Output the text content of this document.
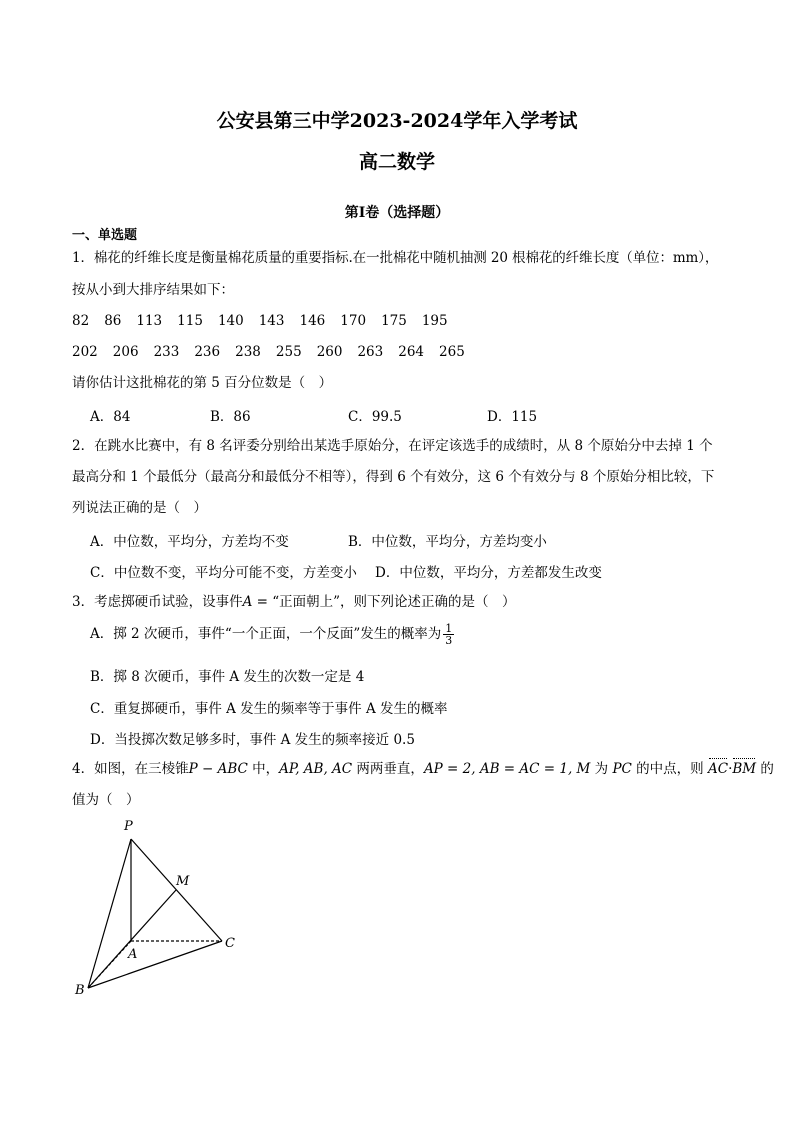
公安县第三中学2023-2024学年入学考试
高二数学
第Ⅰ卷（选择题）
一、单选题
1．棉花的纤维长度是衡量棉花质量的重要指标.在一批棉花中随机抽测 20 根棉花的纤维长度（单位：mm），
按从小到大排序结果如下：
82 86 113 115 140 143 146 170 175 195
202 206 233 236 238 255 260 263 264 265
请你估计这批棉花的第 5 百分位数是（　）
A．84	B．86	C．99.5	D．115
2．在跳水比赛中，有 8 名评委分别给出某选手原始分，在评定该选手的成绩时，从 8 个原始分中去掉 1 个
最高分和 1 个最低分（最高分和最低分不相等），得到 6 个有效分，这 6 个有效分与 8 个原始分相比较，下
列说法正确的是（　）
A．中位数，平均分，方差均不变	B．中位数，平均分，方差均变小
C．中位数不变，平均分可能不变，方差变小 D．中位数，平均分，方差都发生改变
3．考虑掷硬币试验，设事件A = “正面朝上”，则下列论述正确的是（　）
A．掷 2 次硬币，事件“一个正面，一个反面”发生的概率为 $\frac{1}{3}$
B．掷 8 次硬币，事件 A 发生的次数一定是 4
C．重复掷硬币，事件 A 发生的频率等于事件 A 发生的概率
D．当投掷次数足够多时，事件 A 发生的频率接近 0.5
4．如图，在三棱锥P − ABC 中，AP, AB, AC 两两垂直，AP = 2, AB = AC = 1, M 为 PC 的中点，则 AC·BM 的
值为（　）
P
M
A
C
B
